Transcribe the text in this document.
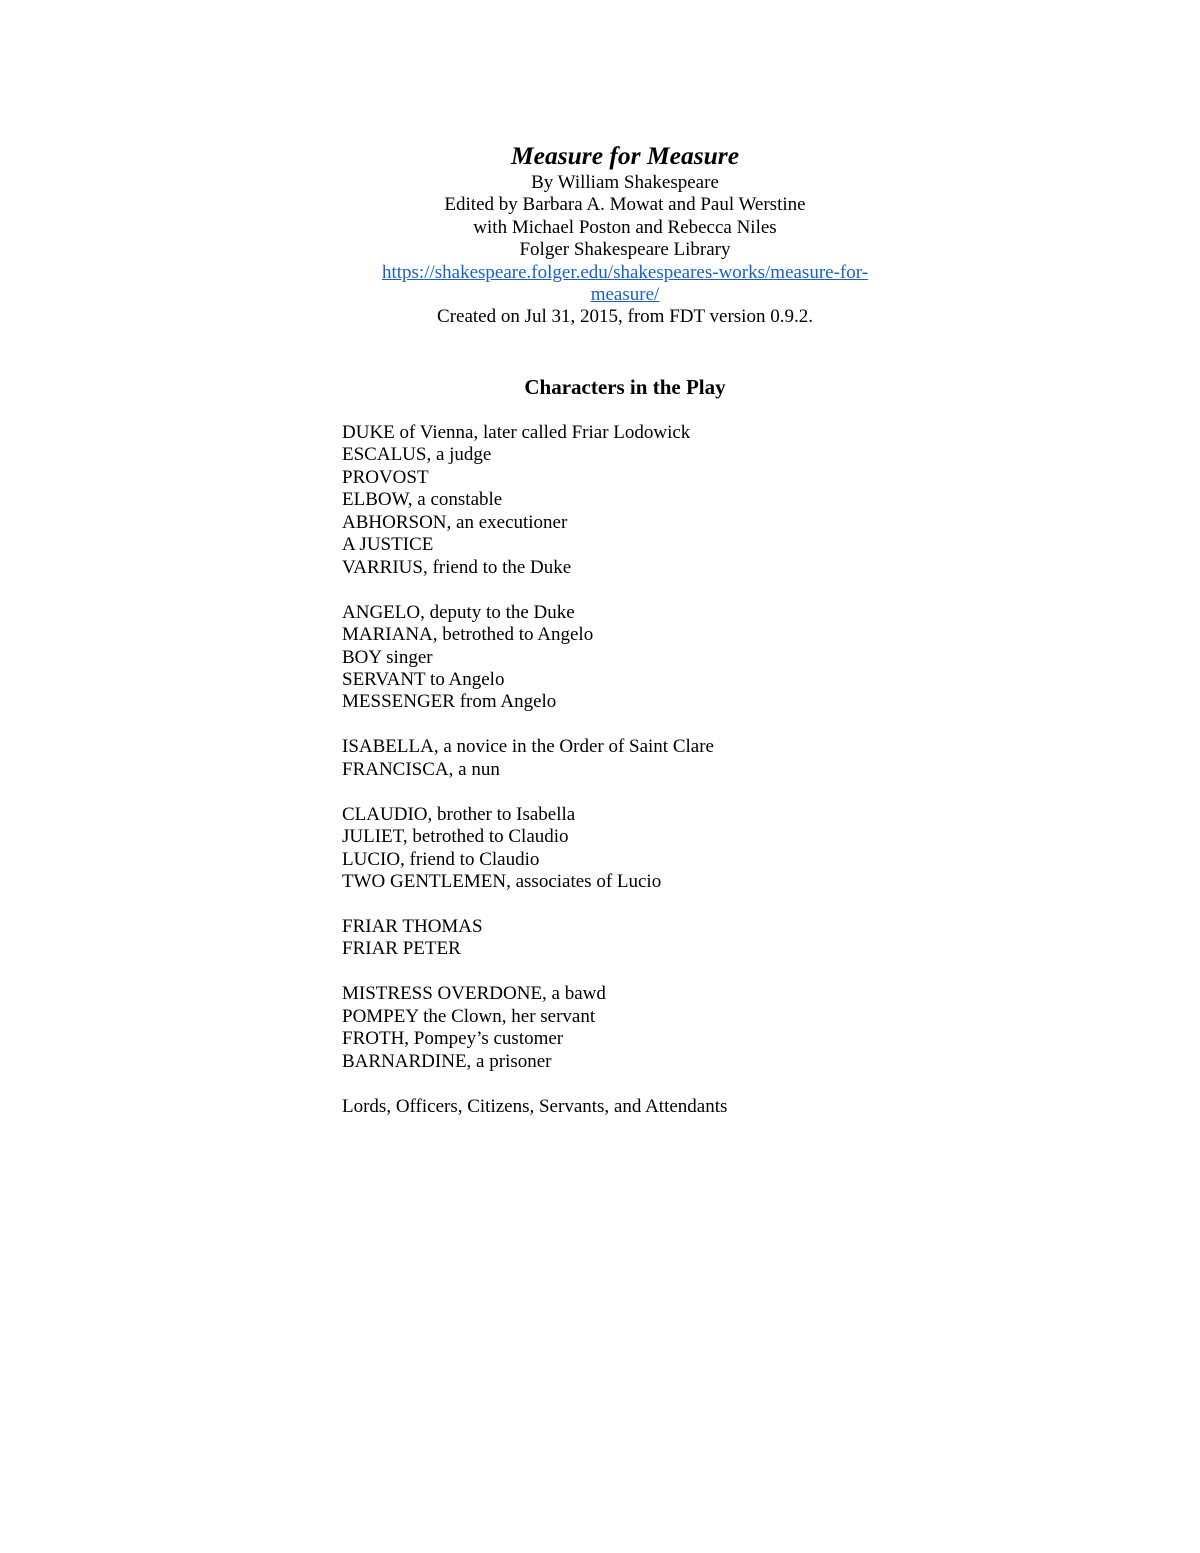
Measure for Measure
By William Shakespeare
Edited by Barbara A. Mowat and Paul Werstine
with Michael Poston and Rebecca Niles
Folger Shakespeare Library
https://shakespeare.folger.edu/shakespeares-works/measure-for-
measure/
Created on Jul 31, 2015, from FDT version 0.9.2.
Characters in the Play
DUKE of Vienna, later called Friar Lodowick
ESCALUS, a judge
PROVOST
ELBOW, a constable
ABHORSON, an executioner
A JUSTICE
VARRIUS, friend to the Duke
ANGELO, deputy to the Duke
MARIANA, betrothed to Angelo
BOY singer
SERVANT to Angelo
MESSENGER from Angelo
ISABELLA, a novice in the Order of Saint Clare
FRANCISCA, a nun
CLAUDIO, brother to Isabella
JULIET, betrothed to Claudio
LUCIO, friend to Claudio
TWO GENTLEMEN, associates of Lucio
FRIAR THOMAS
FRIAR PETER
MISTRESS OVERDONE, a bawd
POMPEY the Clown, her servant
FROTH, Pompey’s customer
BARNARDINE, a prisoner
Lords, Officers, Citizens, Servants, and Attendants
